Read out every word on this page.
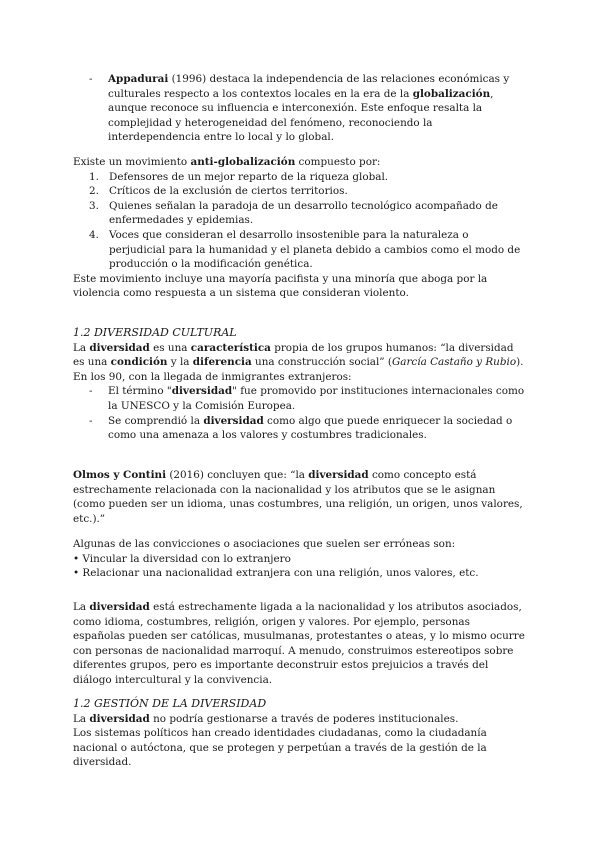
- Appadurai (1996) destaca la independencia de las relaciones económicas y culturales respecto a los contextos locales en la era de la globalización, aunque reconoce su influencia e interconexión. Este enfoque resalta la complejidad y heterogeneidad del fenómeno, reconociendo la interdependencia entre lo local y lo global.

Existe un movimiento anti-globalización compuesto por:

1. Defensores de un mejor reparto de la riqueza global.

2. Críticos de la exclusión de ciertos territorios.

3. Quienes señalan la paradoja de un desarrollo tecnológico acompañado de enfermedades y epidemias.

4. Voces que consideran el desarrollo insostenible para la naturaleza o perjudicial para la humanidad y el planeta debido a cambios como el modo de producción o la modificación genética.

Este movimiento incluye una mayoría pacifista y una minoría que aboga por la violencia como respuesta a un sistema que consideran violento.

1.2 DIVERSIDAD CULTURAL

La diversidad es una característica propia de los grupos humanos: “la diversidad es una condición y la diferencia una construcción social” (García Castaño y Rubio).

En los 90, con la llegada de inmigrantes extranjeros:

- El término "diversidad" fue promovido por instituciones internacionales como la UNESCO y la Comisión Europea.

- Se comprendió la diversidad como algo que puede enriquecer la sociedad o como una amenaza a los valores y costumbres tradicionales.

Olmos y Contini (2016) concluyen que: “la diversidad como concepto está estrechamente relacionada con la nacionalidad y los atributos que se le asignan (como pueden ser un idioma, unas costumbres, una religión, un origen, unos valores, etc.).”

Algunas de las convicciones o asociaciones que suelen ser erróneas son:

• Vincular la diversidad con lo extranjero

• Relacionar una nacionalidad extranjera con una religión, unos valores, etc.

La diversidad está estrechamente ligada a la nacionalidad y los atributos asociados, como idioma, costumbres, religión, origen y valores. Por ejemplo, personas españolas pueden ser católicas, musulmanas, protestantes o ateas, y lo mismo ocurre con personas de nacionalidad marroquí. A menudo, construimos estereotipos sobre diferentes grupos, pero es importante deconstruir estos prejuicios a través del diálogo intercultural y la convivencia.

1.2 GESTIÓN DE LA DIVERSIDAD

La diversidad no podría gestionarse a través de poderes institucionales.

Los sistemas políticos han creado identidades ciudadanas, como la ciudadanía nacional o autóctona, que se protegen y perpetúan a través de la gestión de la diversidad.
